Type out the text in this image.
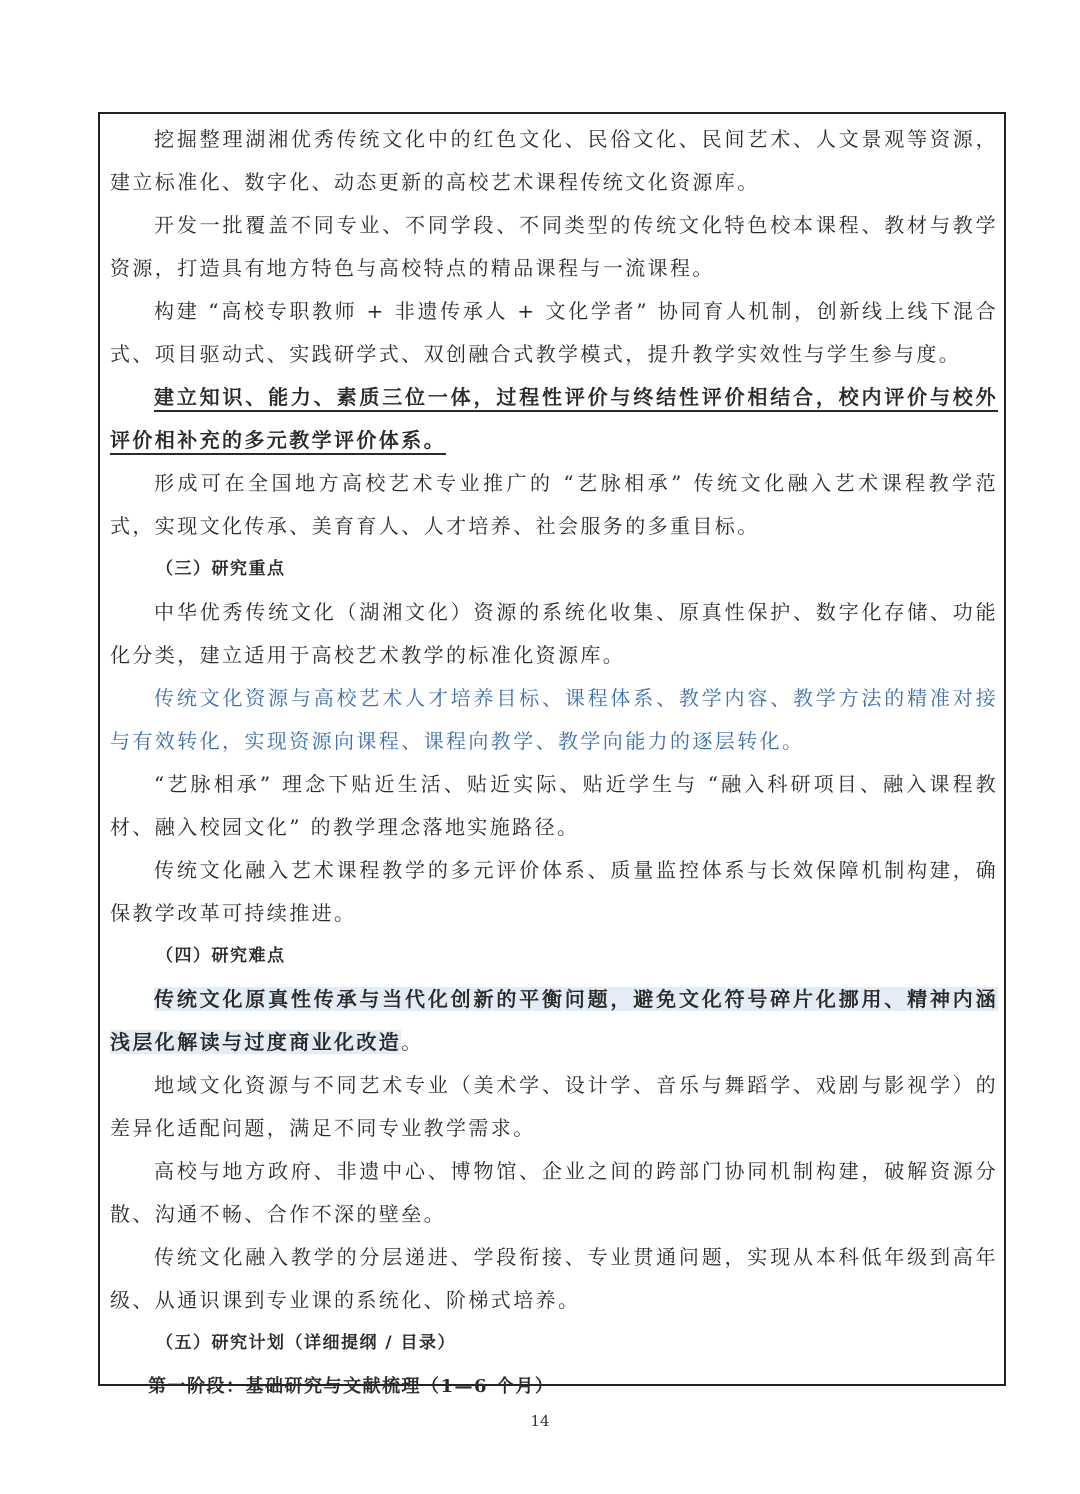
挖掘整理湖湘优秀传统文化中的红色文化、民俗文化、民间艺术、人文景观等资源，建立标准化、数字化、动态更新的高校艺术课程传统文化资源库。

开发一批覆盖不同专业、不同学段、不同类型的传统文化特色校本课程、教材与教学资源，打造具有地方特色与高校特点的精品课程与一流课程。

构建 “高校专职教师 + 非遗传承人 + 文化学者” 协同育人机制，创新线上线下混合式、项目驱动式、实践研学式、双创融合式教学模式，提升教学实效性与学生参与度。

建立知识、能力、素质三位一体，过程性评价与终结性评价相结合，校内评价与校外评价相补充的多元教学评价体系。

形成可在全国地方高校艺术专业推广的 “艺脉相承” 传统文化融入艺术课程教学范式，实现文化传承、美育育人、人才培养、社会服务的多重目标。

（三）研究重点

中华优秀传统文化（湖湘文化）资源的系统化收集、原真性保护、数字化存储、功能化分类，建立适用于高校艺术教学的标准化资源库。

传统文化资源与高校艺术人才培养目标、课程体系、教学内容、教学方法的精准对接与有效转化，实现资源向课程、课程向教学、教学向能力的逐层转化。

“艺脉相承” 理念下贴近生活、贴近实际、贴近学生与 “融入科研项目、融入课程教材、融入校园文化” 的教学理念落地实施路径。

传统文化融入艺术课程教学的多元评价体系、质量监控体系与长效保障机制构建，确保教学改革可持续推进。

（四）研究难点

传统文化原真性传承与当代化创新的平衡问题，避免文化符号碎片化挪用、精神内涵浅层化解读与过度商业化改造。

地域文化资源与不同艺术专业（美术学、设计学、音乐与舞蹈学、戏剧与影视学）的差异化适配问题，满足不同专业教学需求。

高校与地方政府、非遗中心、博物馆、企业之间的跨部门协同机制构建，破解资源分散、沟通不畅、合作不深的壁垒。

传统文化融入教学的分层递进、学段衔接、专业贯通问题，实现从本科低年级到高年级、从通识课到专业课的系统化、阶梯式培养。

（五）研究计划（详细提纲 / 目录）

第一阶段：基础研究与文献梳理（1—6 个月）

14
